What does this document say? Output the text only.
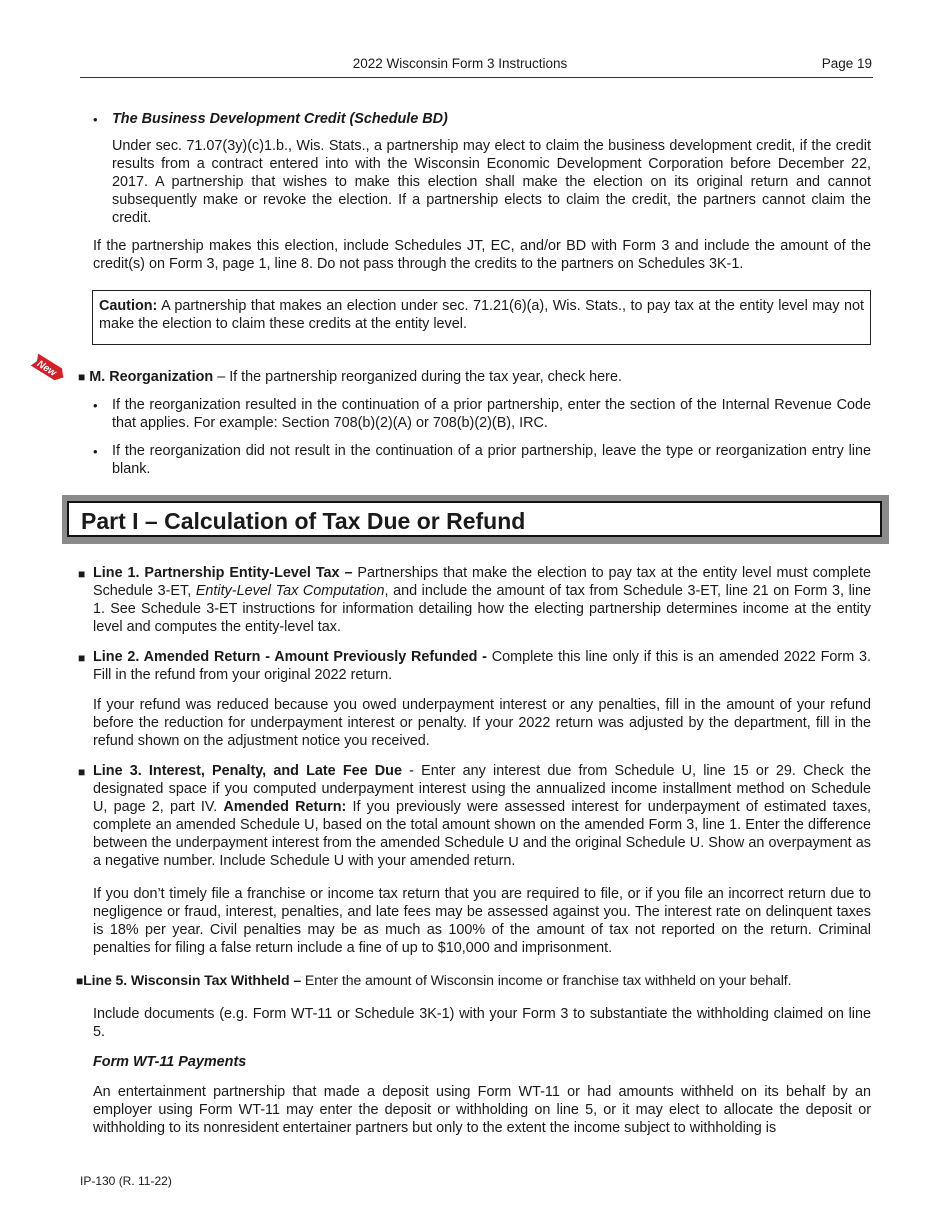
2022 Wisconsin Form 3 Instructions	Page 19
• The Business Development Credit (Schedule BD)

Under sec. 71.07(3y)(c)1.b., Wis. Stats., a partnership may elect to claim the business development credit, if the credit results from a contract entered into with the Wisconsin Economic Development Corporation before December 22, 2017. A partnership that wishes to make this election shall make the election on its original return and cannot subsequently make or revoke the election. If a partnership elects to claim the credit, the partners cannot claim the credit.

If the partnership makes this election, include Schedules JT, EC, and/or BD with Form 3 and include the amount of the credit(s) on Form 3, page 1, line 8. Do not pass through the credits to the partners on Schedules 3K-1.

Caution: A partnership that makes an election under sec. 71.21(6)(a), Wis. Stats., to pay tax at the entity level may not make the election to claim these credits at the entity level.

New ■ M. Reorganization – If the partnership reorganized during the tax year, check here.
• If the reorganization resulted in the continuation of a prior partnership, enter the section of the Internal Revenue Code that applies. For example: Section 708(b)(2)(A) or 708(b)(2)(B), IRC.

• If the reorganization did not result in the continuation of a prior partnership, leave the type or reorganization entry line blank.

Part I – Calculation of Tax Due or Refund
■ Line 1. Partnership Entity-Level Tax – Partnerships that make the election to pay tax at the entity level must complete Schedule 3-ET, Entity-Level Tax Computation, and include the amount of tax from Schedule 3-ET, line 21 on Form 3, line 1. See Schedule 3-ET instructions for information detailing how the electing partnership determines income at the entity level and computes the entity-level tax.

■ Line 2. Amended Return - Amount Previously Refunded - Complete this line only if this is an amended 2022 Form 3. Fill in the refund from your original 2022 return.

If your refund was reduced because you owed underpayment interest or any penalties, fill in the amount of your refund before the reduction for underpayment interest or penalty. If your 2022 return was adjusted by the department, fill in the refund shown on the adjustment notice you received.

■ Line 3. Interest, Penalty, and Late Fee Due - Enter any interest due from Schedule U, line 15 or 29. Check the designated space if you computed underpayment interest using the annualized income installment method on Schedule U, page 2, part IV. Amended Return: If you previously were assessed interest for underpayment of estimated taxes, complete an amended Schedule U, based on the total amount shown on the amended Form 3, line 1. Enter the difference between the underpayment interest from the amended Schedule U and the original Schedule U. Show an overpayment as a negative number. Include Schedule U with your amended return.

If you don’t timely file a franchise or income tax return that you are required to file, or if you file an incorrect return due to negligence or fraud, interest, penalties, and late fees may be assessed against you. The interest rate on delinquent taxes is 18% per year. Civil penalties may be as much as 100% of the amount of tax not reported on the return. Criminal penalties for filing a false return include a fine of up to $10,000 and imprisonment.

■Line 5. Wisconsin Tax Withheld – Enter the amount of Wisconsin income or franchise tax withheld on your behalf.

Include documents (e.g. Form WT-11 or Schedule 3K-1) with your Form 3 to substantiate the withholding claimed on line 5.

Form WT-11 Payments

An entertainment partnership that made a deposit using Form WT-11 or had amounts withheld on its behalf by an employer using Form WT-11 may enter the deposit or withholding on line 5, or it may elect to allocate the deposit or withholding to its nonresident entertainer partners but only to the extent the income subject to withholding is

IP-130 (R. 11-22)
